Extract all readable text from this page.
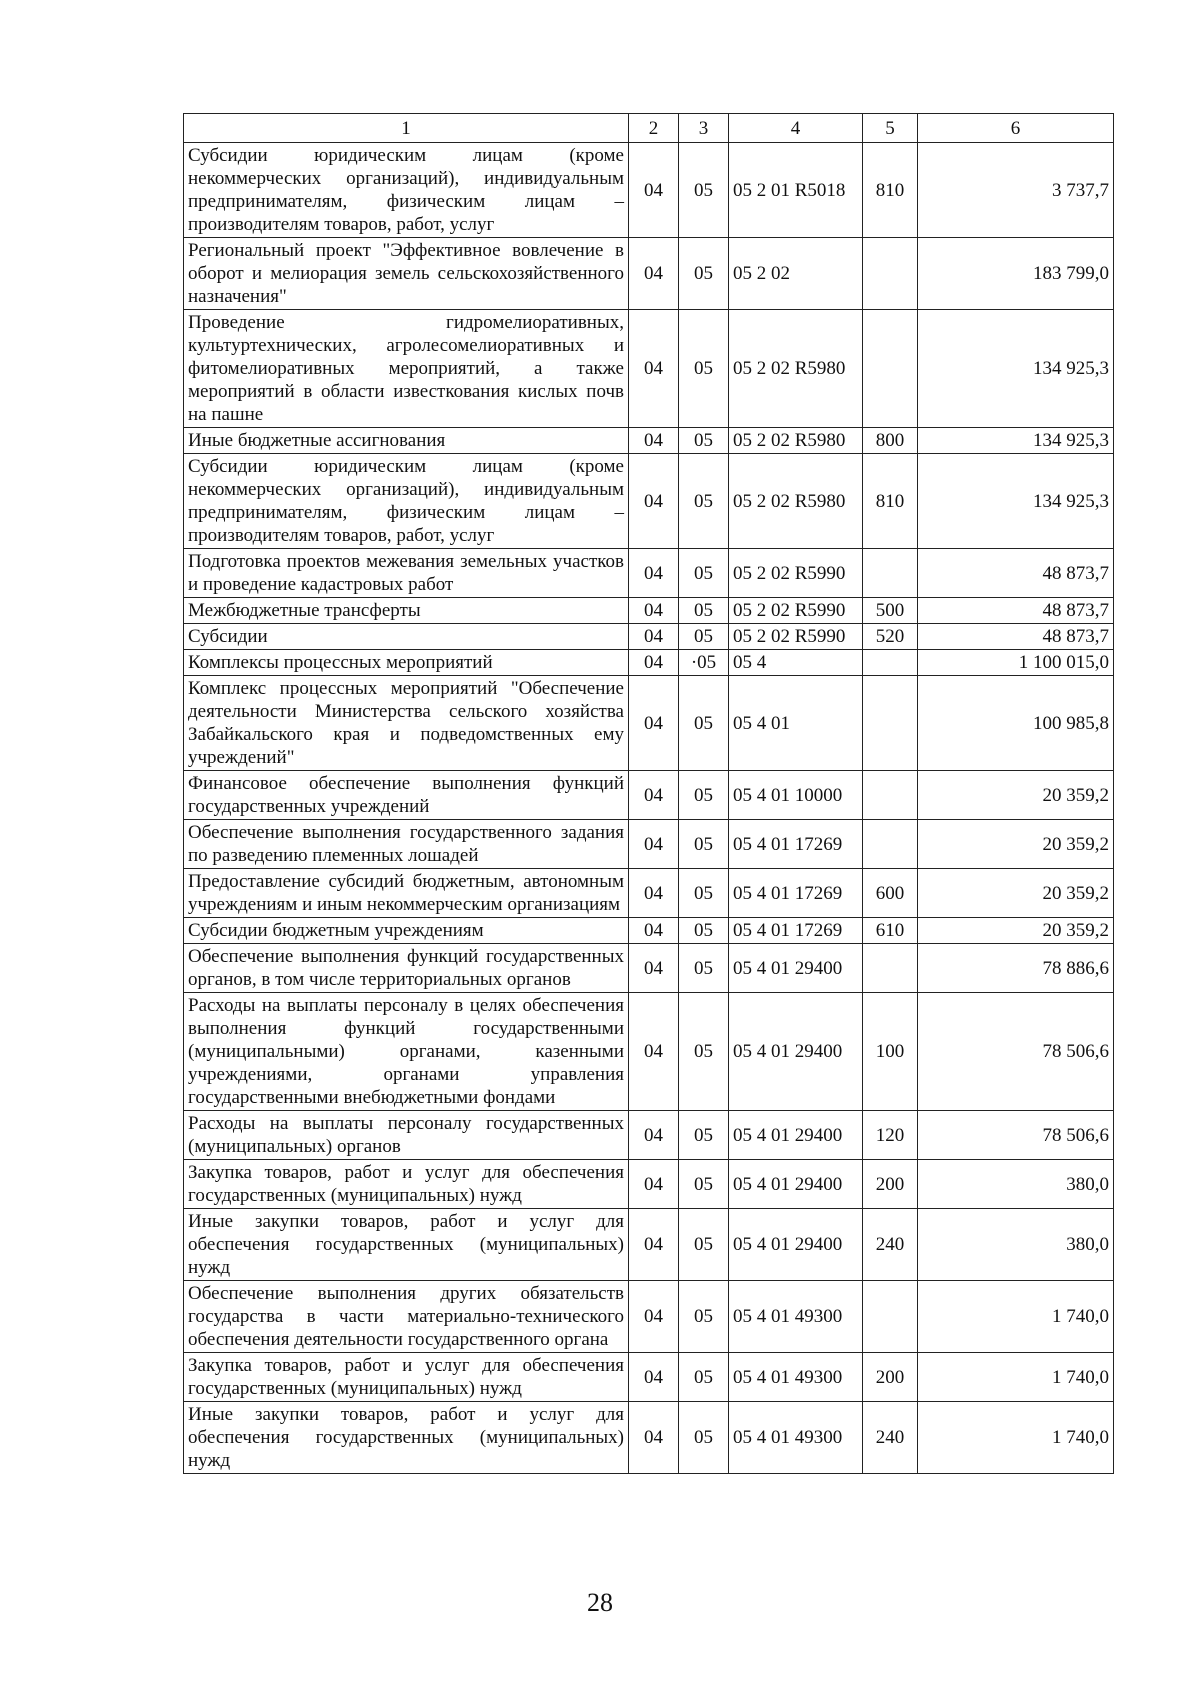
1	2	3	4	5	6
Субсидии юридическим лицам (кроме некоммерческих организаций), индивидуальным предпринимателям, физическим лицам – производителям товаров, работ, услуг	04	05	05 2 01 R5018	810	3 737,7
Региональный проект "Эффективное вовлечение в оборот и мелиорация земель сельскохозяйственного назначения"	04	05	05 2 02		183 799,0
Проведение гидромелиоративных, культуртехнических, агролесомелиоративных и фитомелиоративных мероприятий, а также мероприятий в области известкования кислых почв на пашне	04	05	05 2 02 R5980		134 925,3
Иные бюджетные ассигнования	04	05	05 2 02 R5980	800	134 925,3
Субсидии юридическим лицам (кроме некоммерческих организаций), индивидуальным предпринимателям, физическим лицам – производителям товаров, работ, услуг	04	05	05 2 02 R5980	810	134 925,3
Подготовка проектов межевания земельных участков и проведение кадастровых работ	04	05	05 2 02 R5990		48 873,7
Межбюджетные трансферты	04	05	05 2 02 R5990	500	48 873,7
Субсидии	04	05	05 2 02 R5990	520	48 873,7
Комплексы процессных мероприятий	04	·05	05 4		1 100 015,0
Комплекс процессных мероприятий "Обеспечение деятельности Министерства сельского хозяйства Забайкальского края и подведомственных ему учреждений"	04	05	05 4 01		100 985,8
Финансовое обеспечение выполнения функций государственных учреждений	04	05	05 4 01 10000		20 359,2
Обеспечение выполнения государственного задания по разведению племенных лошадей	04	05	05 4 01 17269		20 359,2
Предоставление субсидий бюджетным, автономным учреждениям и иным некоммерческим организациям	04	05	05 4 01 17269	600	20 359,2
Субсидии бюджетным учреждениям	04	05	05 4 01 17269	610	20 359,2
Обеспечение выполнения функций государственных органов, в том числе территориальных органов	04	05	05 4 01 29400		78 886,6
Расходы на выплаты персоналу в целях обеспечения выполнения функций государственными (муниципальными) органами, казенными учреждениями, органами управления государственными внебюджетными фондами	04	05	05 4 01 29400	100	78 506,6
Расходы на выплаты персоналу государственных (муниципальных) органов	04	05	05 4 01 29400	120	78 506,6
Закупка товаров, работ и услуг для обеспечения государственных (муниципальных) нужд	04	05	05 4 01 29400	200	380,0
Иные закупки товаров, работ и услуг для обеспечения государственных (муниципальных) нужд	04	05	05 4 01 29400	240	380,0
Обеспечение выполнения других обязательств государства в части материально-технического обеспечения деятельности государственного органа	04	05	05 4 01 49300		1 740,0
Закупка товаров, работ и услуг для обеспечения государственных (муниципальных) нужд	04	05	05 4 01 49300	200	1 740,0
Иные закупки товаров, работ и услуг для обеспечения государственных (муниципальных) нужд	04	05	05 4 01 49300	240	1 740,0
28
